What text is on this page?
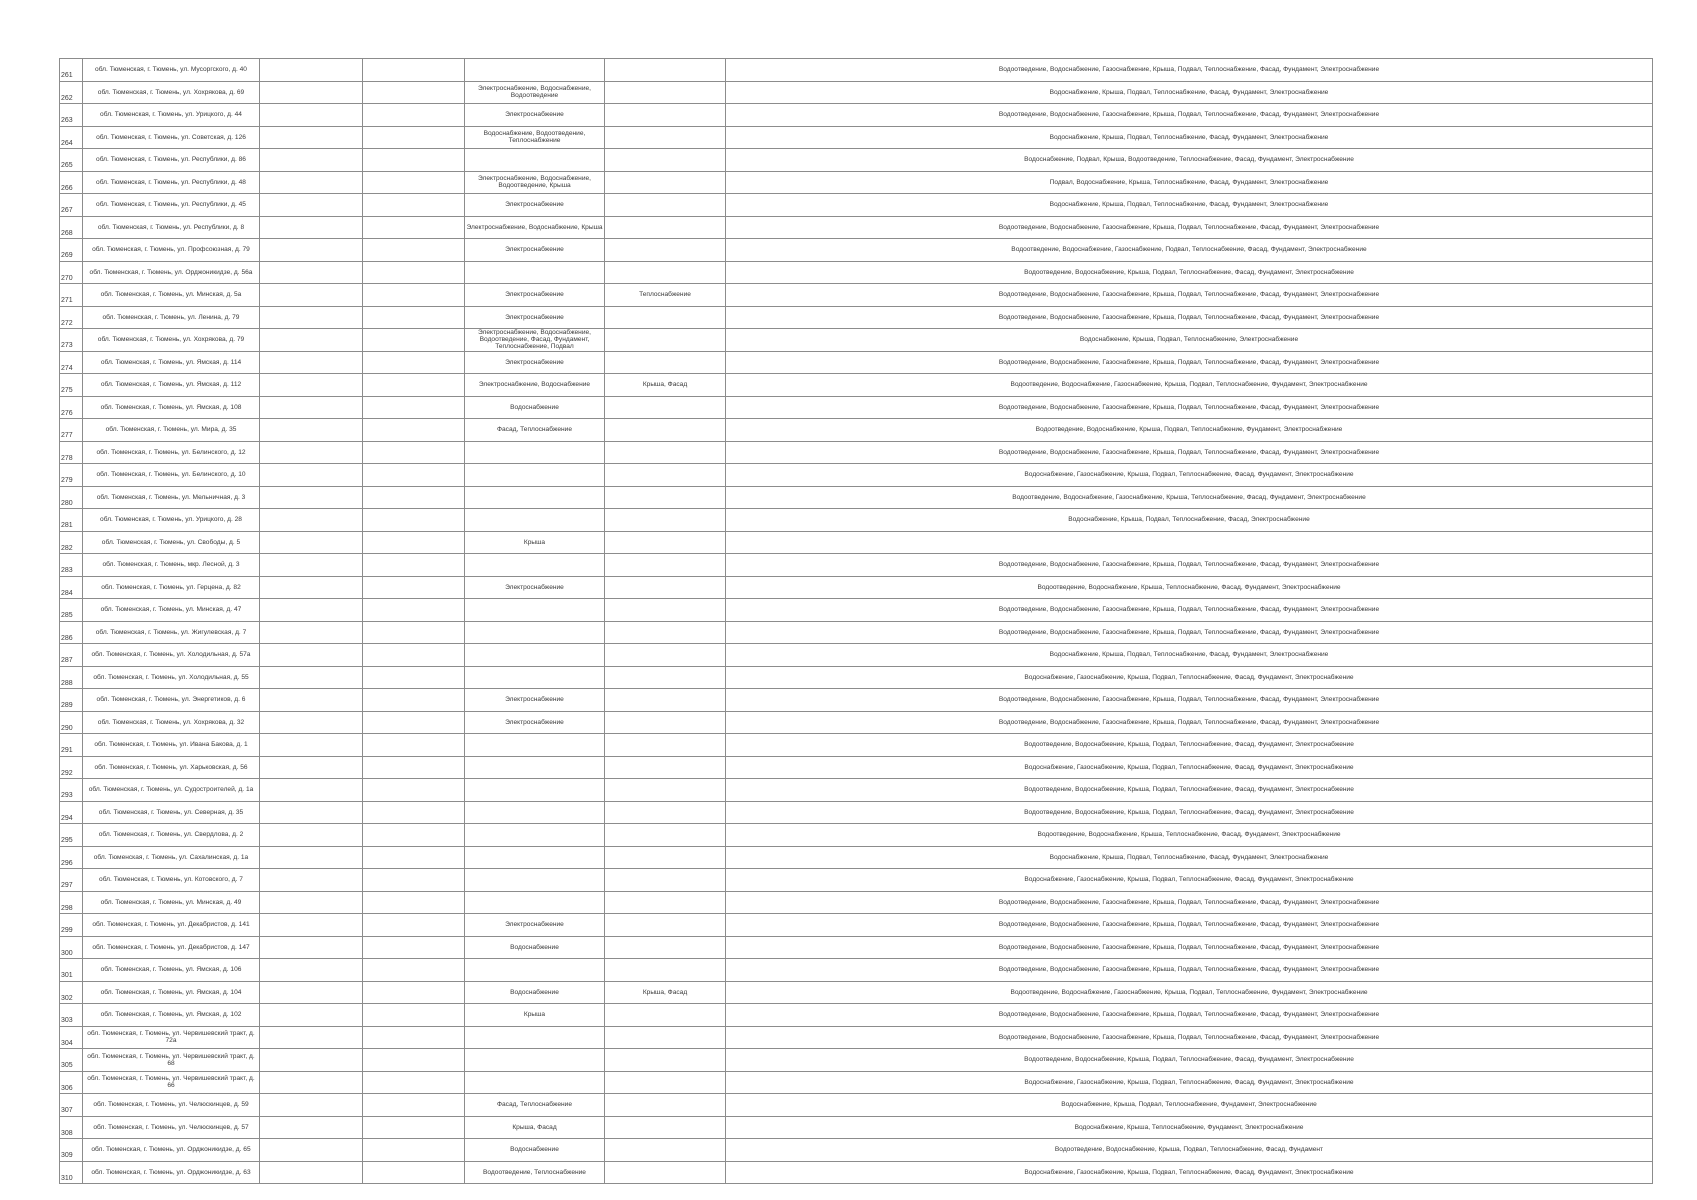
261	обл. Тюменская, г. Тюмень, ул. Мусоргского, д. 40					Водоотведение, Водоснабжение, Газоснабжение, Крыша, Подвал, Теплоснабжение, Фасад, Фундамент, Электроснабжение
262	обл. Тюменская, г. Тюмень, ул. Хохрякова, д. 69			Электроснабжение, Водоснабжение, Водоотведение		Водоснабжение, Крыша, Подвал, Теплоснабжение, Фасад, Фундамент, Электроснабжение
263	обл. Тюменская, г. Тюмень, ул. Урицкого, д. 44			Электроснабжение		Водоотведение, Водоснабжение, Газоснабжение, Крыша, Подвал, Теплоснабжение, Фасад, Фундамент, Электроснабжение
264	обл. Тюменская, г. Тюмень, ул. Советская, д. 126			Водоснабжение, Водоотведение, Теплоснабжение		Водоснабжение, Крыша, Подвал, Теплоснабжение, Фасад, Фундамент, Электроснабжение
265	обл. Тюменская, г. Тюмень, ул. Республики, д. 86					Водоснабжение, Подвал, Крыша, Водоотведение, Теплоснабжение, Фасад, Фундамент, Электроснабжение
266	обл. Тюменская, г. Тюмень, ул. Республики, д. 48			Электроснабжение, Водоснабжение, Водоотведение, Крыша		Подвал, Водоснабжение, Крыша, Теплоснабжение, Фасад, Фундамент, Электроснабжение
267	обл. Тюменская, г. Тюмень, ул. Республики, д. 45			Электроснабжение		Водоснабжение, Крыша, Подвал, Теплоснабжение, Фасад, Фундамент, Электроснабжение
268	обл. Тюменская, г. Тюмень, ул. Республики, д. 8			Электроснабжение, Водоснабжение, Крыша		Водоотведение, Водоснабжение, Газоснабжение, Крыша, Подвал, Теплоснабжение, Фасад, Фундамент, Электроснабжение
269	обл. Тюменская, г. Тюмень, ул. Профсоюзная, д. 79			Электроснабжение		Водоотведение, Водоснабжение, Газоснабжение, Подвал, Теплоснабжение, Фасад, Фундамент, Электроснабжение
270	обл. Тюменская, г. Тюмень, ул. Орджоникидзе, д. 56а					Водоотведение, Водоснабжение, Крыша, Подвал, Теплоснабжение, Фасад, Фундамент, Электроснабжение
271	обл. Тюменская, г. Тюмень, ул. Минская, д. 5а			Электроснабжение	Теплоснабжение	Водоотведение, Водоснабжение, Газоснабжение, Крыша, Подвал, Теплоснабжение, Фасад, Фундамент, Электроснабжение
272	обл. Тюменская, г. Тюмень, ул. Ленина, д. 79			Электроснабжение		Водоотведение, Водоснабжение, Газоснабжение, Крыша, Подвал, Теплоснабжение, Фасад, Фундамент, Электроснабжение
273	обл. Тюменская, г. Тюмень, ул. Хохрякова, д. 79			Электроснабжение, Водоснабжение, Водоотведение, Фасад, Фундамент, Теплоснабжение, Подвал		Водоснабжение, Крыша, Подвал, Теплоснабжение, Электроснабжение
274	обл. Тюменская, г. Тюмень, ул. Ямская, д. 114			Электроснабжение		Водоотведение, Водоснабжение, Газоснабжение, Крыша, Подвал, Теплоснабжение, Фасад, Фундамент, Электроснабжение
275	обл. Тюменская, г. Тюмень, ул. Ямская, д. 112			Электроснабжение, Водоснабжение	Крыша, Фасад	Водоотведение, Водоснабжение, Газоснабжение, Крыша, Подвал, Теплоснабжение, Фундамент, Электроснабжение
276	обл. Тюменская, г. Тюмень, ул. Ямская, д. 108			Водоснабжение		Водоотведение, Водоснабжение, Газоснабжение, Крыша, Подвал, Теплоснабжение, Фасад, Фундамент, Электроснабжение
277	обл. Тюменская, г. Тюмень, ул. Мира, д. 35			Фасад, Теплоснабжение		Водоотведение, Водоснабжение, Крыша, Подвал, Теплоснабжение, Фундамент, Электроснабжение
278	обл. Тюменская, г. Тюмень, ул. Белинского, д. 12					Водоотведение, Водоснабжение, Газоснабжение, Крыша, Подвал, Теплоснабжение, Фасад, Фундамент, Электроснабжение
279	обл. Тюменская, г. Тюмень, ул. Белинского, д. 10					Водоснабжение, Газоснабжение, Крыша, Подвал, Теплоснабжение, Фасад, Фундамент, Электроснабжение
280	обл. Тюменская, г. Тюмень, ул. Мельничная, д. 3					Водоотведение, Водоснабжение, Газоснабжение, Крыша, Теплоснабжение, Фасад, Фундамент, Электроснабжение
281	обл. Тюменская, г. Тюмень, ул. Урицкого, д. 28					Водоснабжение, Крыша, Подвал, Теплоснабжение, Фасад, Электроснабжение
282	обл. Тюменская, г. Тюмень, ул. Свободы, д. 5			Крыша		
283	обл. Тюменская, г. Тюмень, мкр. Лесной, д. 3					Водоотведение, Водоснабжение, Газоснабжение, Крыша, Подвал, Теплоснабжение, Фасад, Фундамент, Электроснабжение
284	обл. Тюменская, г. Тюмень, ул. Герцена, д. 82			Электроснабжение		Водоотведение, Водоснабжение, Крыша, Теплоснабжение, Фасад, Фундамент, Электроснабжение
285	обл. Тюменская, г. Тюмень, ул. Минская, д. 47					Водоотведение, Водоснабжение, Газоснабжение, Крыша, Подвал, Теплоснабжение, Фасад, Фундамент, Электроснабжение
286	обл. Тюменская, г. Тюмень, ул. Жигулевская, д. 7					Водоотведение, Водоснабжение, Газоснабжение, Крыша, Подвал, Теплоснабжение, Фасад, Фундамент, Электроснабжение
287	обл. Тюменская, г. Тюмень, ул. Холодильная, д. 57а					Водоснабжение, Крыша, Подвал, Теплоснабжение, Фасад, Фундамент, Электроснабжение
288	обл. Тюменская, г. Тюмень, ул. Холодильная, д. 55					Водоснабжение, Газоснабжение, Крыша, Подвал, Теплоснабжение, Фасад, Фундамент, Электроснабжение
289	обл. Тюменская, г. Тюмень, ул. Энергетиков, д. 6			Электроснабжение		Водоотведение, Водоснабжение, Газоснабжение, Крыша, Подвал, Теплоснабжение, Фасад, Фундамент, Электроснабжение
290	обл. Тюменская, г. Тюмень, ул. Хохрякова, д. 32			Электроснабжение		Водоотведение, Водоснабжение, Газоснабжение, Крыша, Подвал, Теплоснабжение, Фасад, Фундамент, Электроснабжение
291	обл. Тюменская, г. Тюмень, ул. Ивана Бакова, д. 1					Водоотведение, Водоснабжение, Крыша, Подвал, Теплоснабжение, Фасад, Фундамент, Электроснабжение
292	обл. Тюменская, г. Тюмень, ул. Харьковская, д. 56					Водоснабжение, Газоснабжение, Крыша, Подвал, Теплоснабжение, Фасад, Фундамент, Электроснабжение
293	обл. Тюменская, г. Тюмень, ул. Судостроителей, д. 1а					Водоотведение, Водоснабжение, Крыша, Подвал, Теплоснабжение, Фасад, Фундамент, Электроснабжение
294	обл. Тюменская, г. Тюмень, ул. Северная, д. 35					Водоотведение, Водоснабжение, Крыша, Подвал, Теплоснабжение, Фасад, Фундамент, Электроснабжение
295	обл. Тюменская, г. Тюмень, ул. Свердлова, д. 2					Водоотведение, Водоснабжение, Крыша, Теплоснабжение, Фасад, Фундамент, Электроснабжение
296	обл. Тюменская, г. Тюмень, ул. Сахалинская, д. 1а					Водоснабжение, Крыша, Подвал, Теплоснабжение, Фасад, Фундамент, Электроснабжение
297	обл. Тюменская, г. Тюмень, ул. Котовского, д. 7					Водоснабжение, Газоснабжение, Крыша, Подвал, Теплоснабжение, Фасад, Фундамент, Электроснабжение
298	обл. Тюменская, г. Тюмень, ул. Минская, д. 49					Водоотведение, Водоснабжение, Газоснабжение, Крыша, Подвал, Теплоснабжение, Фасад, Фундамент, Электроснабжение
299	обл. Тюменская, г. Тюмень, ул. Декабристов, д. 141			Электроснабжение		Водоотведение, Водоснабжение, Газоснабжение, Крыша, Подвал, Теплоснабжение, Фасад, Фундамент, Электроснабжение
300	обл. Тюменская, г. Тюмень, ул. Декабристов, д. 147			Водоснабжение		Водоотведение, Водоснабжение, Газоснабжение, Крыша, Подвал, Теплоснабжение, Фасад, Фундамент, Электроснабжение
301	обл. Тюменская, г. Тюмень, ул. Ямская, д. 106					Водоотведение, Водоснабжение, Газоснабжение, Крыша, Подвал, Теплоснабжение, Фасад, Фундамент, Электроснабжение
302	обл. Тюменская, г. Тюмень, ул. Ямская, д. 104			Водоснабжение	Крыша, Фасад	Водоотведение, Водоснабжение, Газоснабжение, Крыша, Подвал, Теплоснабжение, Фундамент, Электроснабжение
303	обл. Тюменская, г. Тюмень, ул. Ямская, д. 102			Крыша		Водоотведение, Водоснабжение, Газоснабжение, Крыша, Подвал, Теплоснабжение, Фасад, Фундамент, Электроснабжение
304	обл. Тюменская, г. Тюмень, ул. Червишевский тракт, д. 72а					Водоотведение, Водоснабжение, Газоснабжение, Крыша, Подвал, Теплоснабжение, Фасад, Фундамент, Электроснабжение
305	обл. Тюменская, г. Тюмень, ул. Червишевский тракт, д. 68					Водоотведение, Водоснабжение, Крыша, Подвал, Теплоснабжение, Фасад, Фундамент, Электроснабжение
306	обл. Тюменская, г. Тюмень, ул. Червишевский тракт, д. 66					Водоснабжение, Газоснабжение, Крыша, Подвал, Теплоснабжение, Фасад, Фундамент, Электроснабжение
307	обл. Тюменская, г. Тюмень, ул. Челюскинцев, д. 59			Фасад, Теплоснабжение		Водоснабжение, Крыша, Подвал, Теплоснабжение, Фундамент, Электроснабжение
308	обл. Тюменская, г. Тюмень, ул. Челюскинцев, д. 57			Крыша, Фасад		Водоснабжение, Крыша, Теплоснабжение, Фундамент, Электроснабжение
309	обл. Тюменская, г. Тюмень, ул. Орджоникидзе, д. 65			Водоснабжение		Водоотведение, Водоснабжение, Крыша, Подвал, Теплоснабжение, Фасад, Фундамент
310	обл. Тюменская, г. Тюмень, ул. Орджоникидзе, д. 63			Водоотведение, Теплоснабжение		Водоснабжение, Газоснабжение, Крыша, Подвал, Теплоснабжение, Фасад, Фундамент, Электроснабжение
